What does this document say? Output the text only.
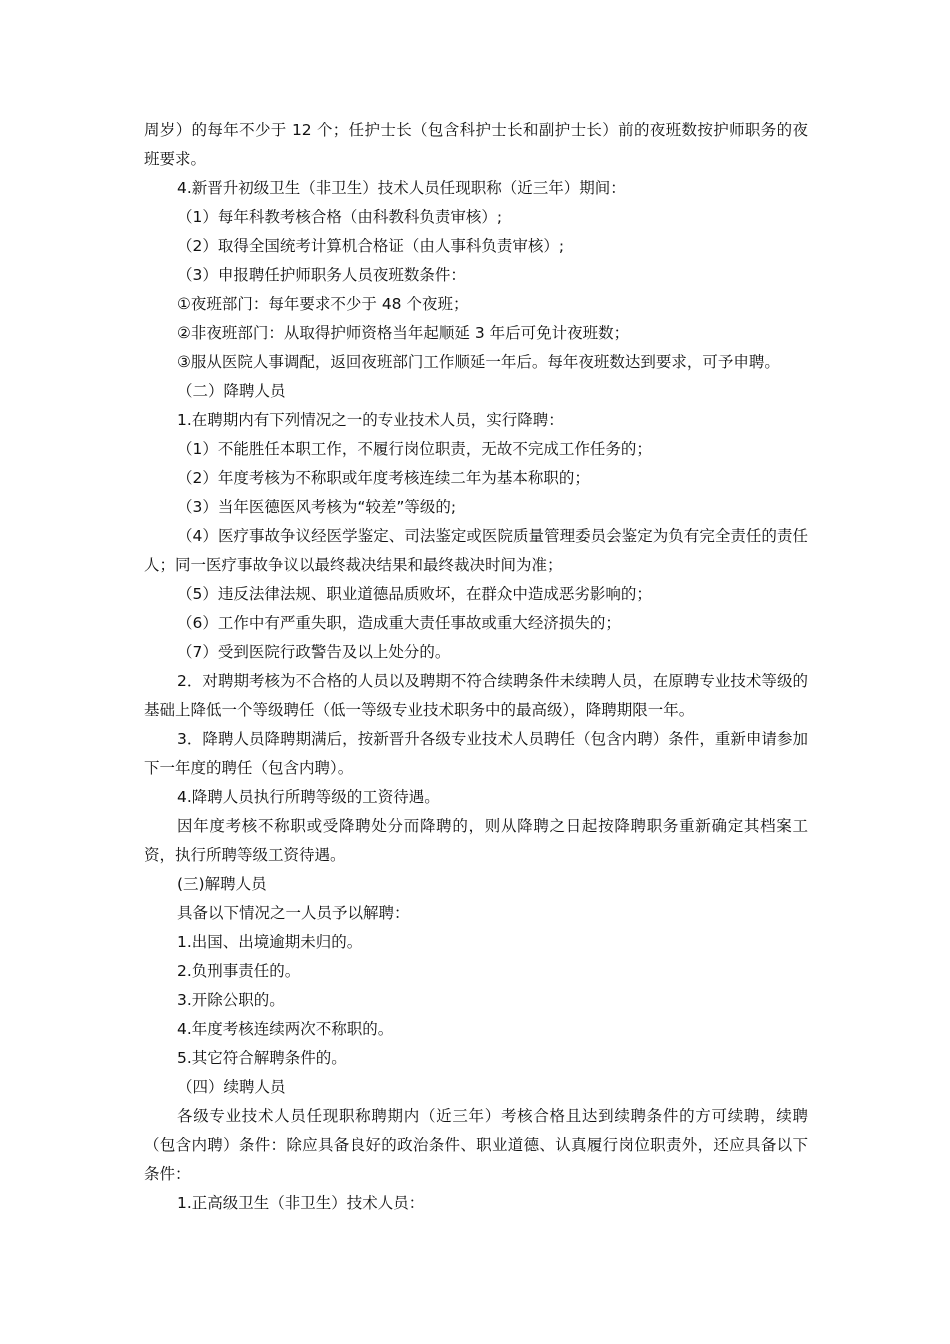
周岁）的每年不少于 12 个；任护士长（包含科护士长和副护士长）前的夜班数按护师职务的夜班要求。

4.新晋升初级卫生（非卫生）技术人员任现职称（近三年）期间：

（1）每年科教考核合格（由科教科负责审核）;

（2）取得全国统考计算机合格证（由人事科负责审核）;

（3）申报聘任护师职务人员夜班数条件：

①夜班部门：每年要求不少于 48 个夜班；

②非夜班部门：从取得护师资格当年起顺延 3 年后可免计夜班数；

③服从医院人事调配，返回夜班部门工作顺延一年后。每年夜班数达到要求，可予申聘。

（二）降聘人员

1.在聘期内有下列情况之一的专业技术人员，实行降聘：

（1）不能胜任本职工作，不履行岗位职责，无故不完成工作任务的；

（2）年度考核为不称职或年度考核连续二年为基本称职的；

（3）当年医德医风考核为“较差”等级的;

（4）医疗事故争议经医学鉴定、司法鉴定或医院质量管理委员会鉴定为负有完全责任的责任人；同一医疗事故争议以最终裁决结果和最终裁决时间为准；

（5）违反法律法规、职业道德品质败坏，在群众中造成恶劣影响的；

（6）工作中有严重失职，造成重大责任事故或重大经济损失的；

（7）受到医院行政警告及以上处分的。

2．对聘期考核为不合格的人员以及聘期不符合续聘条件未续聘人员，在原聘专业技术等级的基础上降低一个等级聘任（低一等级专业技术职务中的最高级），降聘期限一年。

3．降聘人员降聘期满后，按新晋升各级专业技术人员聘任（包含内聘）条件，重新申请参加下一年度的聘任（包含内聘）。

4.降聘人员执行所聘等级的工资待遇。

因年度考核不称职或受降聘处分而降聘的，则从降聘之日起按降聘职务重新确定其档案工资，执行所聘等级工资待遇。

(三)解聘人员

具备以下情况之一人员予以解聘：

1.出国、出境逾期未归的。

2.负刑事责任的。

3.开除公职的。

4.年度考核连续两次不称职的。

5.其它符合解聘条件的。

（四）续聘人员

各级专业技术人员任现职称聘期内（近三年）考核合格且达到续聘条件的方可续聘，续聘（包含内聘）条件：除应具备良好的政治条件、职业道德、认真履行岗位职责外，还应具备以下条件：

1.正高级卫生（非卫生）技术人员：
